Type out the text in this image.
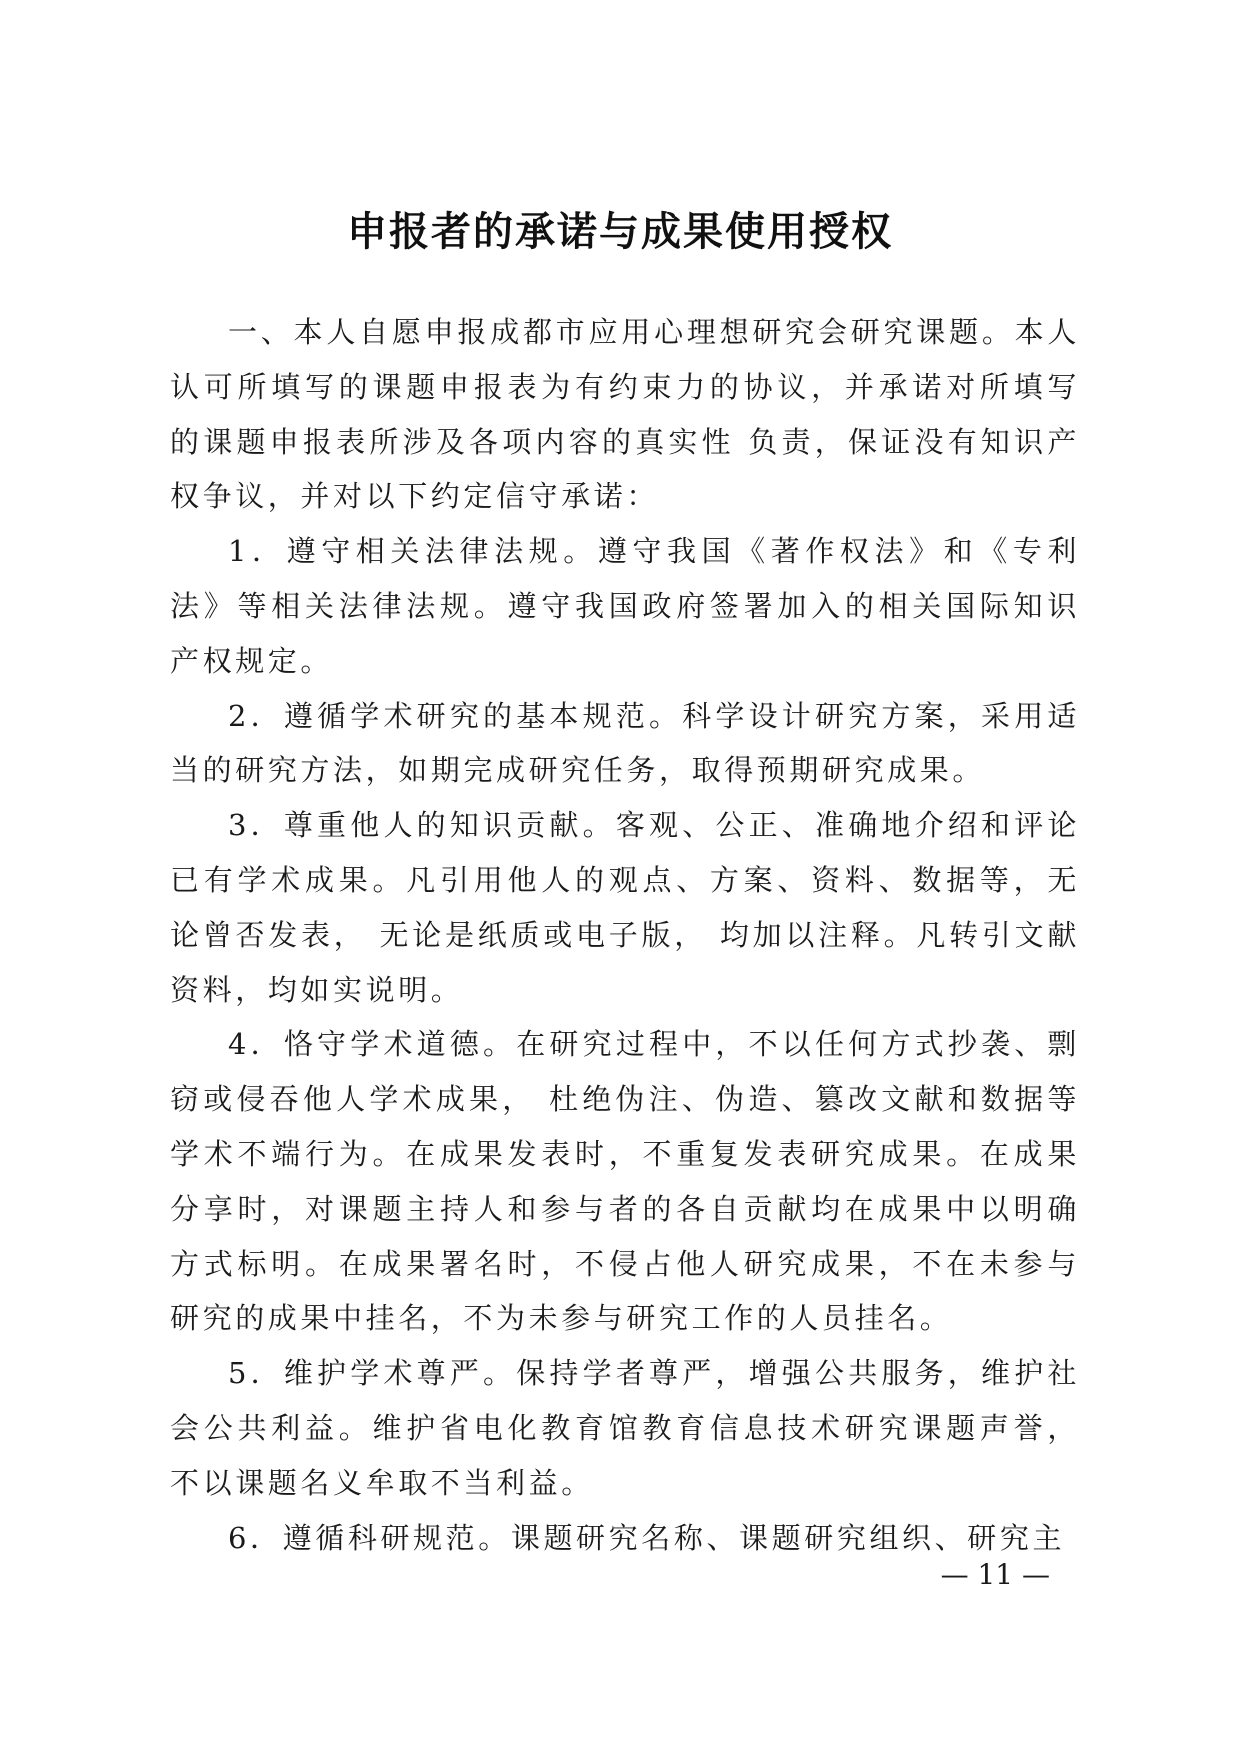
申报者的承诺与成果使用授权

一、本人自愿申报成都市应用心理想研究会研究课题。本人认可所填写的课题申报表为有约束力的协议，并承诺对所填写的课题申报表所涉及各项内容的真实性 负责，保证没有知识产权争议，并对以下约定信守承诺：

1．遵守相关法律法规。遵守我国《著作权法》和《专利法》等相关法律法规。遵守我国政府签署加入的相关国际知识产权规定。

2．遵循学术研究的基本规范。科学设计研究方案，采用适当的研究方法，如期完成研究任务，取得预期研究成果。

3．尊重他人的知识贡献。客观、公正、准确地介绍和评论已有学术成果。凡引用他人的观点、方案、资料、数据等，无论曾否发表， 无论是纸质或电子版， 均加以注释。凡转引文献资料，均如实说明。

4．恪守学术道德。在研究过程中，不以任何方式抄袭、剽窃或侵吞他人学术成果， 杜绝伪注、伪造、篡改文献和数据等学术不端行为。在成果发表时，不重复发表研究成果。在成果分享时，对课题主持人和参与者的各自贡献均在成果中以明确方式标明。在成果署名时，不侵占他人研究成果，不在未参与研究的成果中挂名，不为未参与研究工作的人员挂名。

5．维护学术尊严。保持学者尊严，增强公共服务，维护社会公共利益。维护省电化教育馆教育信息技术研究课题声誉，不以课题名义牟取不当利益。

6．遵循科研规范。课题研究名称、课题研究组织、研究主

— 11 —
